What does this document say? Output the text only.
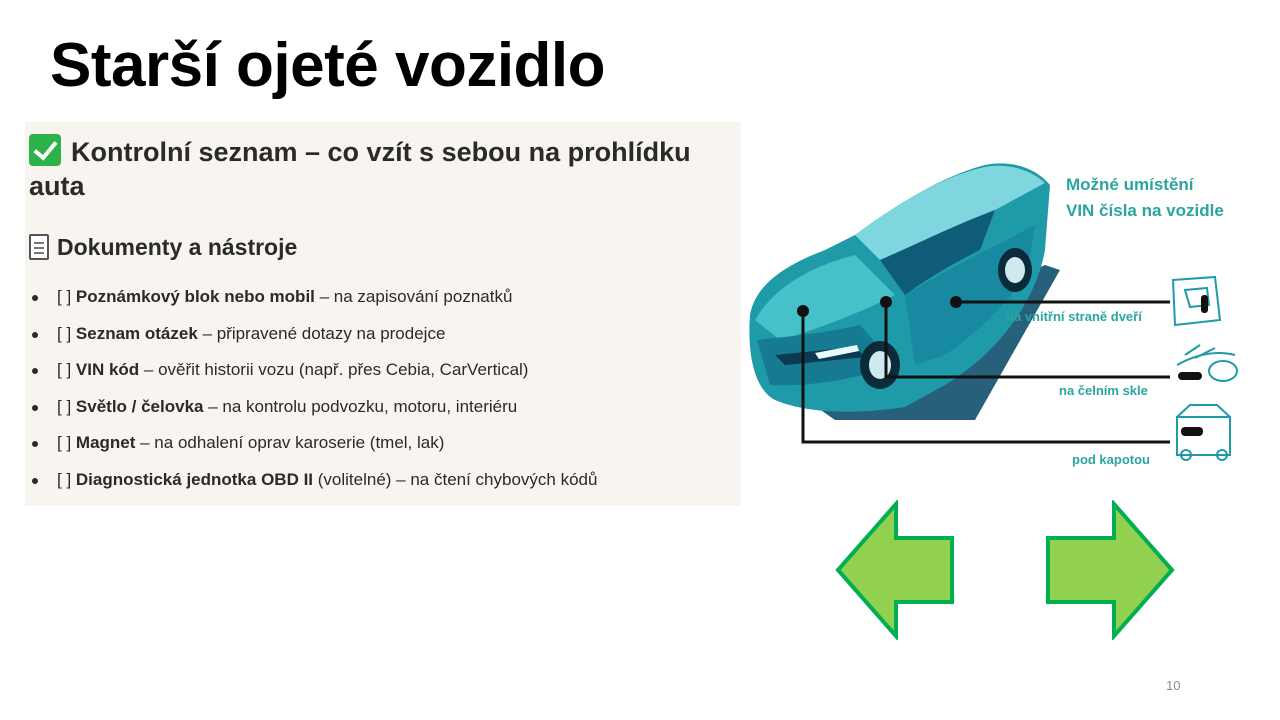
Starší ojeté vozidlo
Kontrolní seznam – co vzít s sebou na prohlídku auta
Dokumenty a nástroje
[ ] Poznámkový blok nebo mobil – na zapisování poznatků
[ ] Seznam otázek – připravené dotazy na prodejce
[ ] VIN kód – ověřit historii vozu (např. přes Cebia, CarVertical)
[ ] Světlo / čelovka – na kontrolu podvozku, motoru, interiéru
[ ] Magnet – na odhalení oprav karoserie (tmel, lak)
[ ] Diagnostická jednotka OBD II (volitelné) – na čtení chybových kódů
Možné umístění
VIN čísla na vozidle
na vnitřní straně dveří
na čelním skle
pod kapotou
10
